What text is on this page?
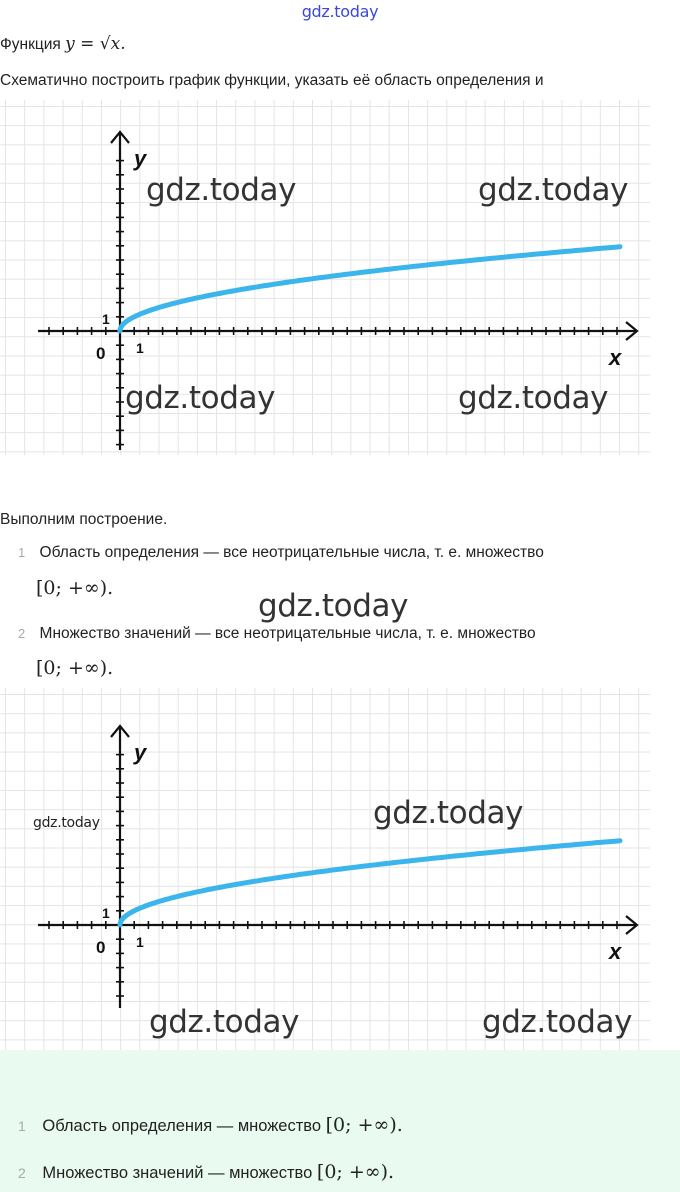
gdz.today
Функция y = √x.
Схематично построить график функции, указать её область определения и
y
x
0 1
1
gdz.today	gdz.today
gdz.today	gdz.today
Выполним построение.
1 Область определения — все неотрицательные числа, т. е. множество
[0; +∞).	gdz.today
2 Множество значений — все неотрицательные числа, т. е. множество
[0; +∞).
y
x
0 1
1
gdz.today	gdz.today
gdz.today	gdz.today
1 Область определения — множество [0; +∞).
2 Множество значений — множество [0; +∞).
